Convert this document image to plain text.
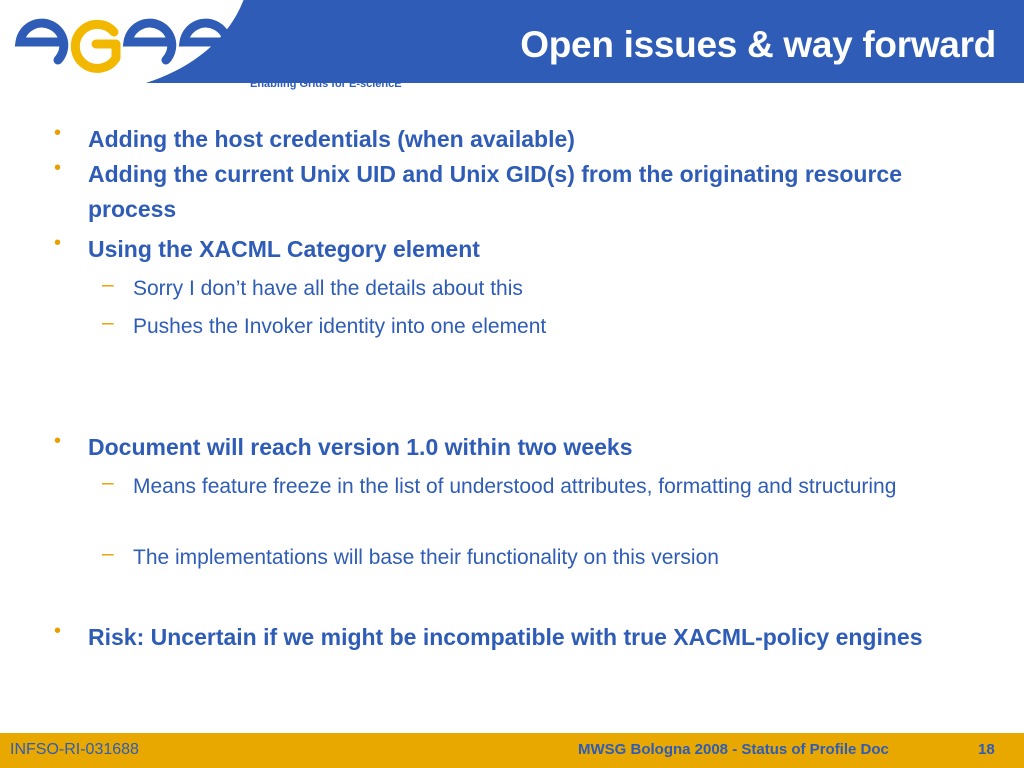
Enabling Grids for E-sciencE
Open issues & way forward
• Adding the host credentials (when available)
• Adding the current Unix UID and Unix GID(s) from the originating resource process
• Using the XACML Category element
– Sorry I don’t have all the details about this
– Pushes the Invoker identity into one element
• Document will reach version 1.0 within two weeks
– Means feature freeze in the list of understood attributes, formatting and structuring
– The implementations will base their functionality on this version
• Risk: Uncertain if we might be incompatible with true XACML-policy engines
INFSO-RI-031688	MWSG Bologna 2008 - Status of Profile Doc	18
